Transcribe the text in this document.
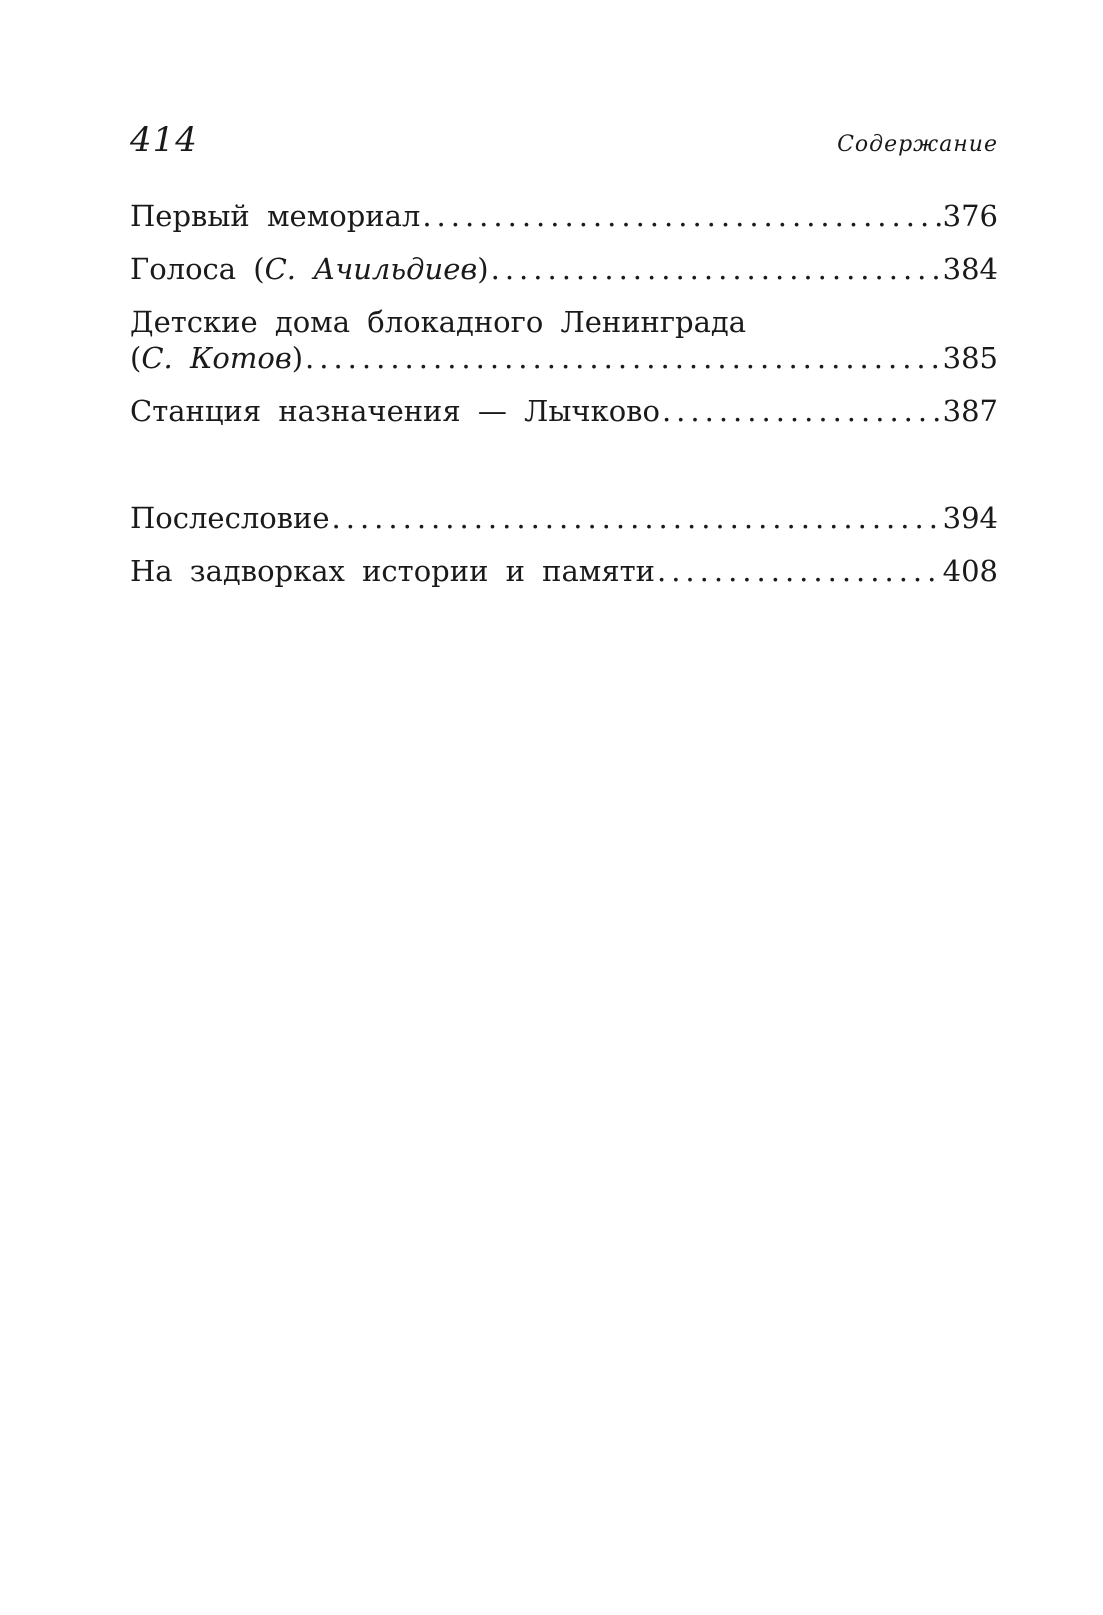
414	Содержание
Первый мемориал .....	376
Голоса (С. Ачильдиев) .....	384
Детские дома блокадного Ленинграда
(С. Котов) .....	385
Станция назначения — Лычково .....	387
Послесловие .....	394
На задворках истории и памяти .....	408
